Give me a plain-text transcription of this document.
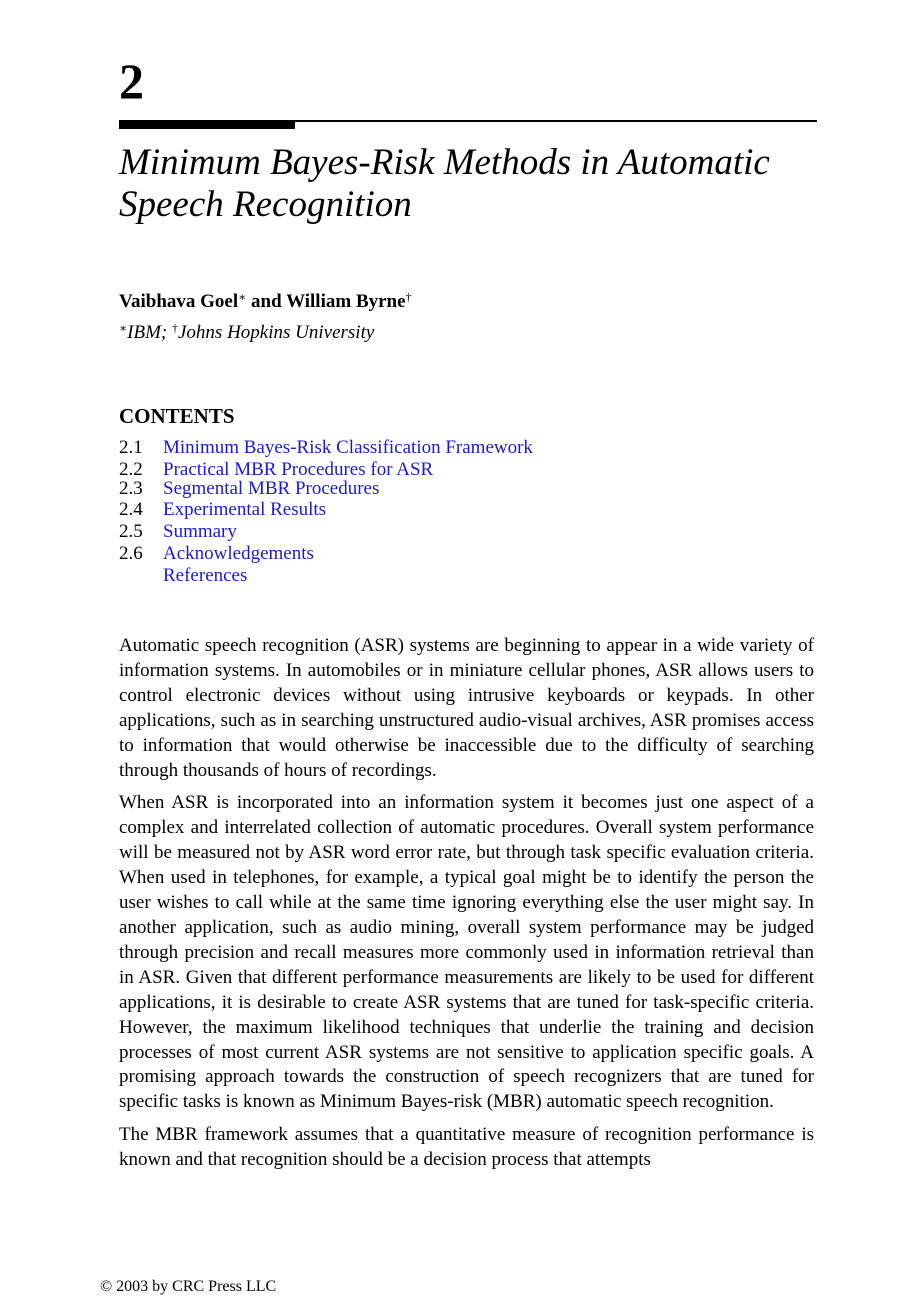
2
Minimum Bayes-Risk Methods in Automatic
Speech Recognition
Vaibhava Goel∗ and William Byrne†
∗IBM; †Johns Hopkins University
CONTENTS
2.1	Minimum Bayes-Risk Classification Framework
2.2	Practical MBR Procedures for ASR
2.3	Segmental MBR Procedures
2.4	Experimental Results
2.5	Summary
2.6	Acknowledgements
References

Automatic speech recognition (ASR) systems are beginning to appear in a wide variety of information systems. In automobiles or in miniature cellular phones, ASR allows users to control electronic devices without using intrusive keyboards or keypads. In other applications, such as in searching unstructured audio-visual archives, ASR promises access to information that would otherwise be inaccessible due to the difficulty of searching through thousands of hours of recordings.

When ASR is incorporated into an information system it becomes just one aspect of a complex and interrelated collection of automatic procedures. Overall system performance will be measured not by ASR word error rate, but through task specific evaluation criteria. When used in telephones, for example, a typical goal might be to identify the person the user wishes to call while at the same time ignoring everything else the user might say. In another application, such as audio mining, overall system performance may be judged through precision and recall measures more commonly used in information retrieval than in ASR. Given that different performance measurements are likely to be used for different applications, it is desirable to create ASR systems that are tuned for task-specific criteria. However, the maximum likelihood techniques that underlie the training and decision processes of most current ASR systems are not sensitive to application specific goals. A promising approach towards the construction of speech recognizers that are tuned for specific tasks is known as Minimum Bayes-risk (MBR) automatic speech recognition.

The MBR framework assumes that a quantitative measure of recognition performance is known and that recognition should be a decision process that attempts

© 2003 by CRC Press LLC
